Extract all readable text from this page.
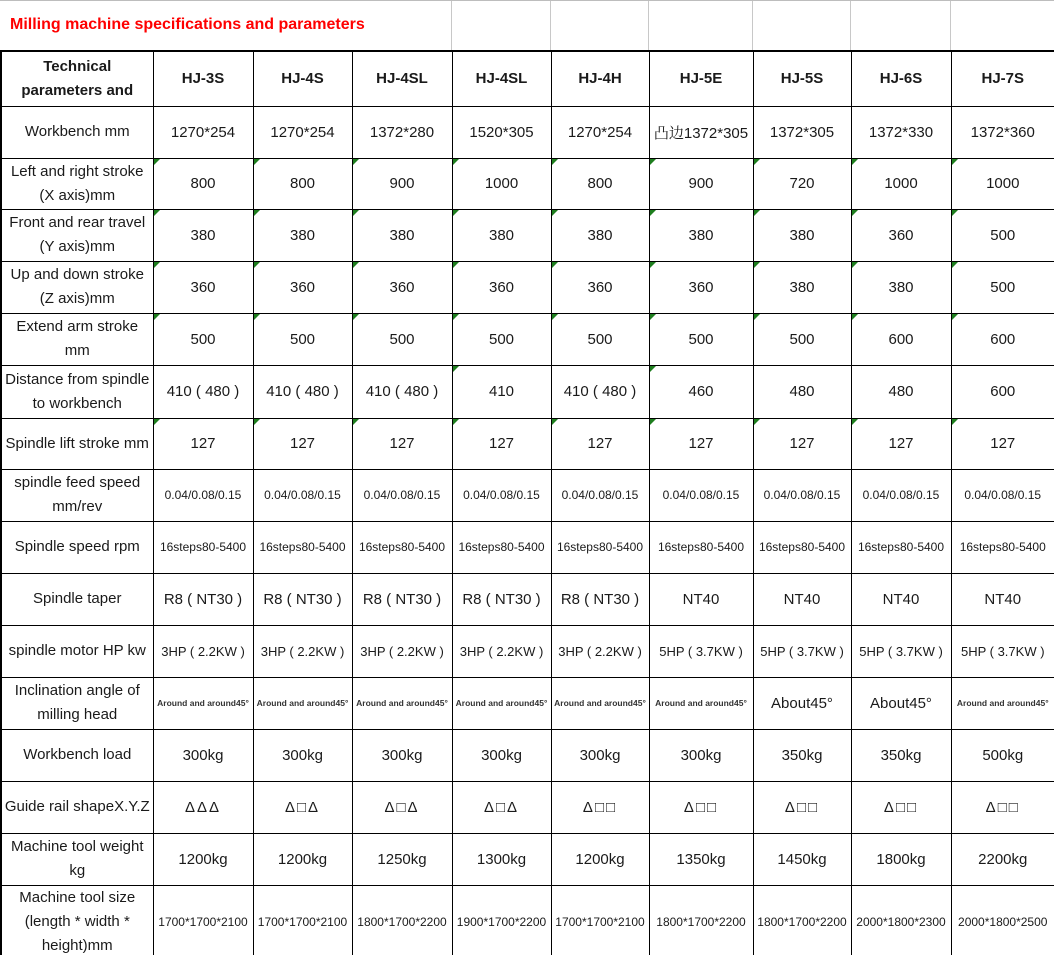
Milling machine specifications and parameters
Technical parameters and	HJ-3S	HJ-4S	HJ-4SL	HJ-4SL	HJ-4H	HJ-5E	HJ-5S	HJ-6S	HJ-7S
Workbench mm	1270*254	1270*254	1372*280	1520*305	1270*254	凸边1372*305	1372*305	1372*330	1372*360
Left and right stroke (X axis)mm	800	800	900	1000	800	900	720	1000	1000

Front and rear travel (Y axis)mm	380	380	380	380	380	380	380	360	500

Up and down stroke (Z axis)mm	360	360	360	360	360	360	380	380	500

Extend arm stroke mm	500	500	500	500	500	500	500	600	600

Distance from spindle to workbench	410 ( 480 )	410 ( 480 )	410 ( 480 )	410	410 ( 480 )	460	480	480	600
Spindle lift stroke mm	127	127	127	127	127	127	127	127	127

spindle feed speed mm/rev	0.04/0.08/0.15	0.04/0.08/0.15	0.04/0.08/0.15	0.04/0.08/0.15	0.04/0.08/0.15	0.04/0.08/0.15	0.04/0.08/0.15	0.04/0.08/0.15	0.04/0.08/0.15
Spindle speed rpm	16steps80-5400	16steps80-5400	16steps80-5400	16steps80-5400	16steps80-5400	16steps80-5400	16steps80-5400	16steps80-5400	16steps80-5400
Spindle taper	R8 ( NT30 )	R8 ( NT30 )	R8 ( NT30 )	R8 ( NT30 )	R8 ( NT30 )	NT40	NT40	NT40	NT40
spindle motor HP kw	3HP ( 2.2KW )	3HP ( 2.2KW )	3HP ( 2.2KW )	3HP ( 2.2KW )	3HP ( 2.2KW )	5HP ( 3.7KW )	5HP ( 3.7KW )	5HP ( 3.7KW )	5HP ( 3.7KW )
Inclination angle of milling head	Around and around45°	Around and around45°	Around and around45°	Around and around45°	Around and around45°	Around and around45°	About45°	About45°	Around and around45°
Workbench load	300kg	300kg	300kg	300kg	300kg	300kg	350kg	350kg	500kg
Guide rail shapeX.Y.Z	ΔΔΔ	Δ□Δ	Δ□Δ	Δ□Δ	Δ□□	Δ□□	Δ□□	Δ□□	Δ□□
Machine tool weight kg	1200kg	1200kg	1250kg	1300kg	1200kg	1350kg	1450kg	1800kg	2200kg
Machine tool size (length * width * height)mm	1700*1700*2100	1700*1700*2100	1800*1700*2200	1900*1700*2200	1700*1700*2100	1800*1700*2200	1800*1700*2200	2000*1800*2300	2000*1800*2500
